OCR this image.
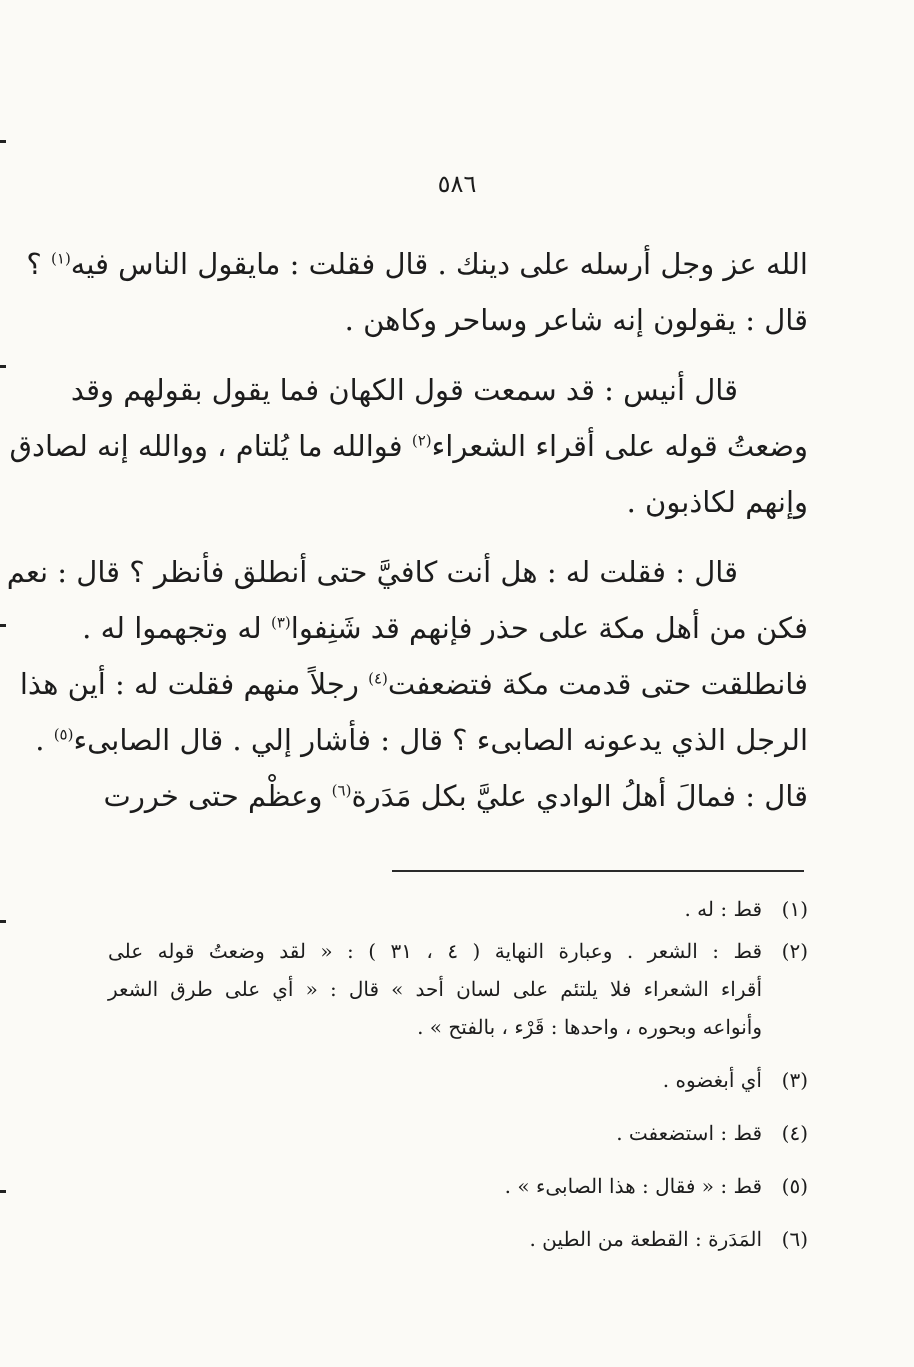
٥٨٦
الله عز وجل أرسله على دينك . قال فقلت : مايقول الناس فيه$^{(١)}$ ؟
قال : يقولون إنه شاعر وساحر وكاهن .
قال أنيس : قد سمعت قول الكهان فما يقول بقولهم وقد
وضعتُ قوله على أقراء الشعراء$^{(٢)}$ فوالله ما يُلتام ، ووالله إنه لصادق
وإنهم لكاذبون .
قال : فقلت له : هل أنت كافيَّ حتى أنطلق فأنظر ؟ قال : نعم
فكن من أهل مكة على حذر فإنهم قد شَنِفوا$^{(٣)}$ له وتجهموا له .
فانطلقت حتى قدمت مكة فتضعفت$^{(٤)}$ رجلاً منهم فقلت له : أين هذا
الرجل الذي يدعونه الصابىء ؟ قال : فأشار إلي . قال الصابىء$^{(٥)}$ .
قال : فمالَ أهلُ الوادي عليَّ بكل مَدَرة$^{(٦)}$ وعظْم حتى خررت
(١)
قط : له .
(٢)
قط : الشعر . وعبارة النهاية ( ٤ ، ٣١ ) : « لقد وضعتُ قوله على
أقراء الشعراء فلا يلتئم على لسان أحد » قال : « أي على طرق الشعر
وأنواعه وبحوره ، واحدها : قَرْء ، بالفتح » .
(٣)
أي أبغضوه .
(٤)
قط : استضعفت .
(٥)
قط : « فقال : هذا الصابىء » .
(٦)
المَدَرة : القطعة من الطين .
